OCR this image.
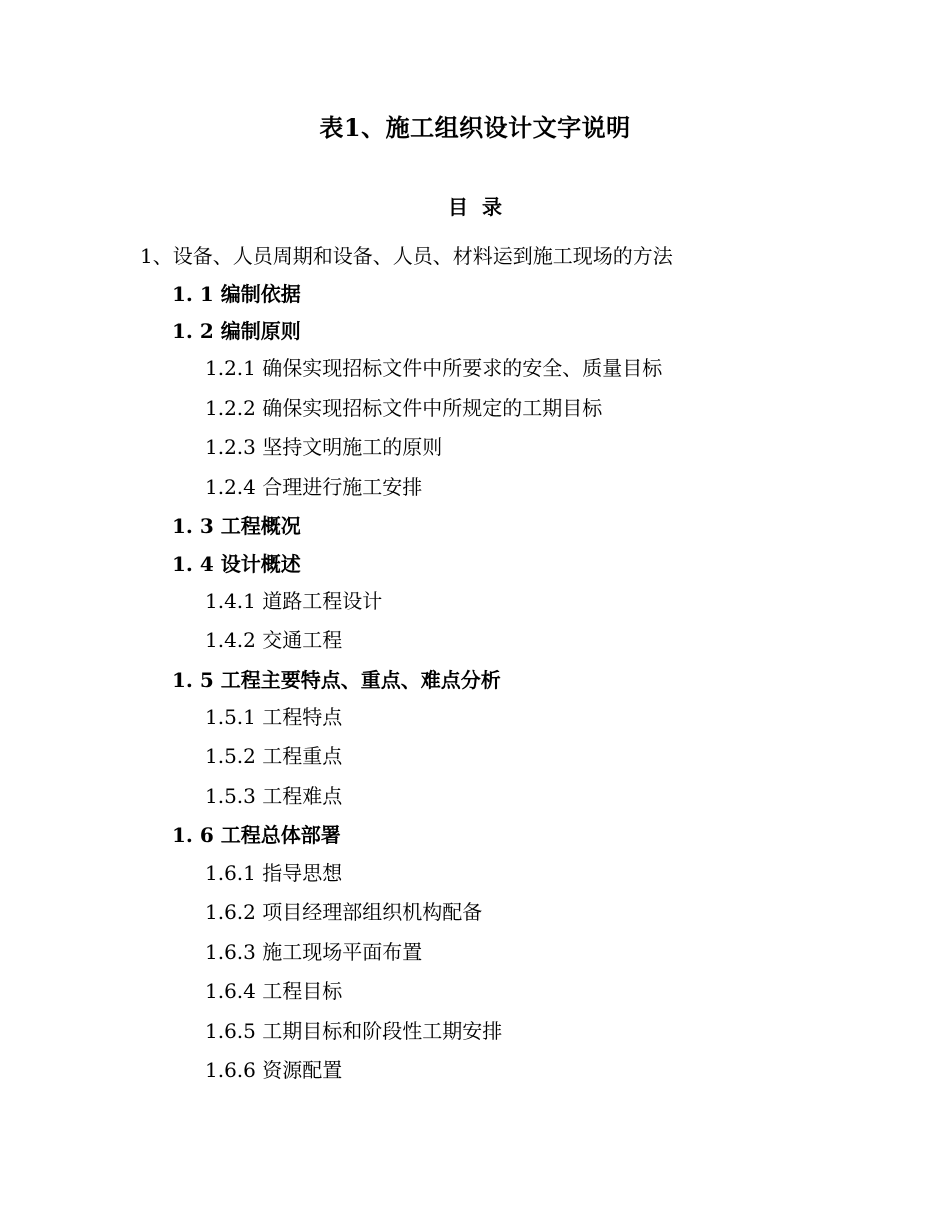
表1、施工组织设计文字说明
目录
1、设备、人员周期和设备、人员、材料运到施工现场的方法
1. 1 编制依据
1. 2 编制原则
1.2.1 确保实现招标文件中所要求的安全、质量目标
1.2.2 确保实现招标文件中所规定的工期目标
1.2.3 坚持文明施工的原则
1.2.4 合理进行施工安排
1. 3 工程概况
1. 4 设计概述
1.4.1 道路工程设计
1.4.2 交通工程
1. 5 工程主要特点、重点、难点分析
1.5.1 工程特点
1.5.2 工程重点
1.5.3 工程难点
1. 6 工程总体部署
1.6.1 指导思想
1.6.2 项目经理部组织机构配备
1.6.3 施工现场平面布置
1.6.4 工程目标
1.6.5 工期目标和阶段性工期安排
1.6.6 资源配置
